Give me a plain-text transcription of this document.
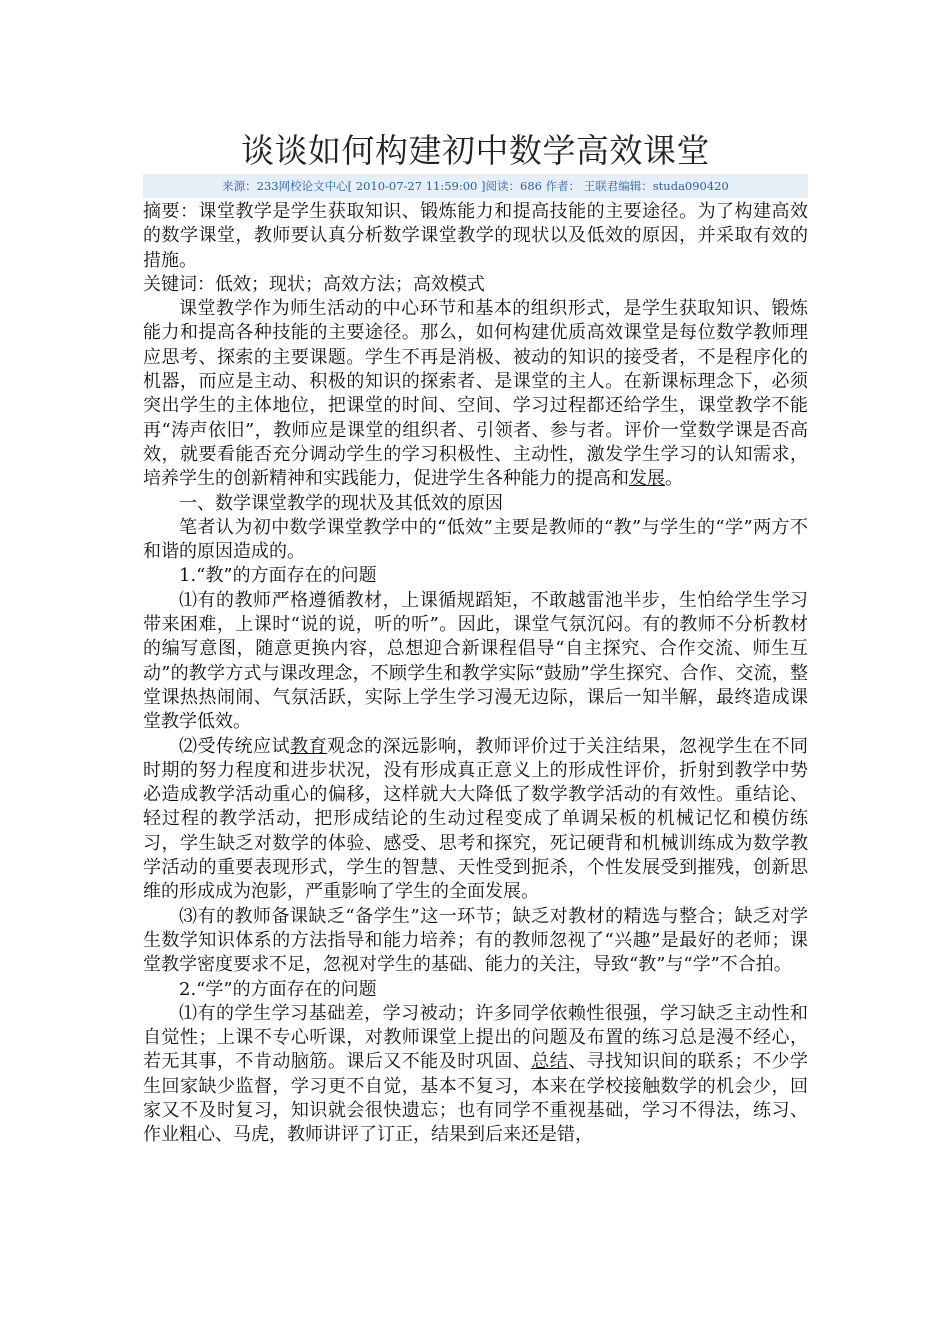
谈谈如何构建初中数学高效课堂
来源：233网校论文中心[ 2010-07-27 11:59:00 ]阅读：686 作者： 王联君编辑：studa090420

摘要：课堂教学是学生获取知识、锻炼能力和提高技能的主要途径。为了构建高效的数学课堂，教师要认真分析数学课堂教学的现状以及低效的原因，并采取有效的措施。

关键词：低效；现状；高效方法；高效模式

课堂教学作为师生活动的中心环节和基本的组织形式，是学生获取知识、锻炼能力和提高各种技能的主要途径。那么，如何构建优质高效课堂是每位数学教师理应思考、探索的主要课题。学生不再是消极、被动的知识的接受者，不是程序化的机器，而应是主动、积极的知识的探索者、是课堂的主人。在新课标理念下，必须突出学生的主体地位，把课堂的时间、空间、学习过程都还给学生，课堂教学不能再“涛声依旧”，教师应是课堂的组织者、引领者、参与者。评价一堂数学课是否高效，就要看能否充分调动学生的学习积极性、主动性，激发学生学习的认知需求，培养学生的创新精神和实践能力，促进学生各种能力的提高和发展。

一、数学课堂教学的现状及其低效的原因

笔者认为初中数学课堂教学中的“低效”主要是教师的“教”与学生的“学”两方不和谐的原因造成的。

1.“教”的方面存在的问题

⑴有的教师严格遵循教材，上课循规蹈矩，不敢越雷池半步，生怕给学生学习带来困难，上课时“说的说，听的听”。因此，课堂气氛沉闷。有的教师不分析教材的编写意图，随意更换内容，总想迎合新课程倡导“自主探究、合作交流、师生互动”的教学方式与课改理念，不顾学生和教学实际“鼓励”学生探究、合作、交流，整堂课热热闹闹、气氛活跃，实际上学生学习漫无边际，课后一知半解，最终造成课堂教学低效。

⑵受传统应试教育观念的深远影响，教师评价过于关注结果，忽视学生在不同时期的努力程度和进步状况，没有形成真正意义上的形成性评价，折射到教学中势必造成教学活动重心的偏移，这样就大大降低了数学教学活动的有效性。重结论、轻过程的教学活动，把形成结论的生动过程变成了单调呆板的机械记忆和模仿练习，学生缺乏对数学的体验、感受、思考和探究，死记硬背和机械训练成为数学教学活动的重要表现形式，学生的智慧、天性受到扼杀，个性发展受到摧残，创新思维的形成成为泡影，严重影响了学生的全面发展。

⑶有的教师备课缺乏“备学生”这一环节；缺乏对教材的精选与整合；缺乏对学生数学知识体系的方法指导和能力培养；有的教师忽视了“兴趣”是最好的老师；课堂教学密度要求不足，忽视对学生的基础、能力的关注，导致“教”与“学”不合拍。

2.“学”的方面存在的问题

⑴有的学生学习基础差，学习被动；许多同学依赖性很强，学习缺乏主动性和自觉性；上课不专心听课，对教师课堂上提出的问题及布置的练习总是漫不经心，若无其事，不肯动脑筋。课后又不能及时巩固、总结、寻找知识间的联系；不少学生回家缺少监督，学习更不自觉，基本不复习，本来在学校接触数学的机会少，回家又不及时复习，知识就会很快遗忘；也有同学不重视基础，学习不得法，练习、作业粗心、马虎，教师讲评了订正，结果到后来还是错，
